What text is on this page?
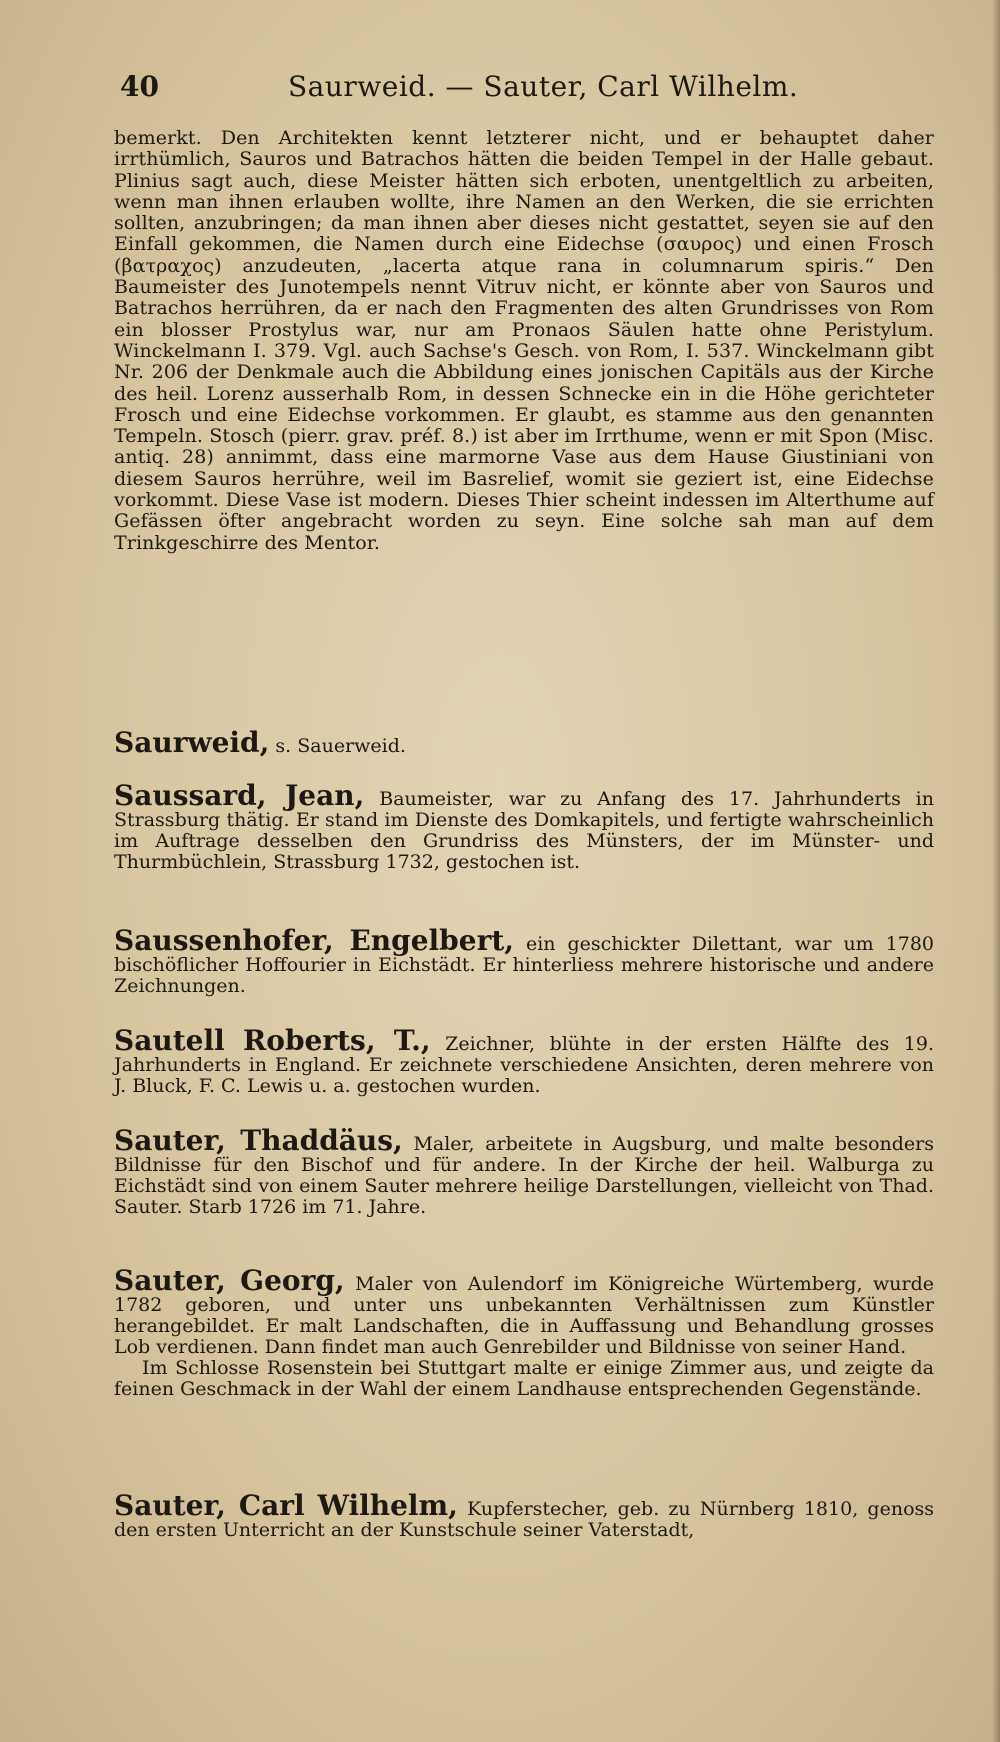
40	Saurweid. — Sauter, Carl Wilhelm.

bemerkt. Den Architekten kennt letzterer nicht, und er behauptet daher irrthümlich, Sauros und Batrachos hätten die beiden Tempel in der Halle gebaut. Plinius sagt auch, diese Meister hätten sich erboten, unentgeltlich zu arbeiten, wenn man ihnen erlauben wollte, ihre Namen an den Werken, die sie errichten sollten, anzubringen; da man ihnen aber dieses nicht gestattet, seyen sie auf den Einfall gekommen, die Namen durch eine Eidechse (σαυρος) und einen Frosch (βατραχος) anzudeuten, „lacerta atque rana in columnarum spiris.“ Den Baumeister des Junotempels nennt Vitruv nicht, er könnte aber von Sauros und Batrachos herrühren, da er nach den Fragmenten des alten Grundrisses von Rom ein blosser Prostylus war, nur am Pronaos Säulen hatte ohne Peristylum. Winckelmann I. 379. Vgl. auch Sachse's Gesch. von Rom, I. 537. Winckelmann gibt Nr. 206 der Denkmale auch die Abbildung eines jonischen Capitäls aus der Kirche des heil. Lorenz ausserhalb Rom, in dessen Schnecke ein in die Höhe gerichteter Frosch und eine Eidechse vorkommen. Er glaubt, es stamme aus den genannten Tempeln. Stosch (pierr. grav. préf. 8.) ist aber im Irrthume, wenn er mit Spon (Misc. antiq. 28) annimmt, dass eine marmorne Vase aus dem Hause Giustiniani von diesem Sauros herrühre, weil im Basrelief, womit sie geziert ist, eine Eidechse vorkommt. Diese Vase ist modern. Dieses Thier scheint indessen im Alterthume auf Gefässen öfter angebracht worden zu seyn. Eine solche sah man auf dem Trinkgeschirre des Mentor.

Saurweid, s. Sauerweid.

Saussard, Jean, Baumeister, war zu Anfang des 17. Jahrhunderts in Strassburg thätig. Er stand im Dienste des Domkapitels, und fertigte wahrscheinlich im Auftrage desselben den Grundriss des Münsters, der im Münster- und Thurmbüchlein, Strassburg 1732, gestochen ist.

Saussenhofer, Engelbert, ein geschickter Dilettant, war um 1780 bischöflicher Hoffourier in Eichstädt. Er hinterliess mehrere historische und andere Zeichnungen.

Sautell Roberts, T., Zeichner, blühte in der ersten Hälfte des 19. Jahrhunderts in England. Er zeichnete verschiedene Ansichten, deren mehrere von J. Bluck, F. C. Lewis u. a. gestochen wurden.

Sauter, Thaddäus, Maler, arbeitete in Augsburg, und malte besonders Bildnisse für den Bischof und für andere. In der Kirche der heil. Walburga zu Eichstädt sind von einem Sauter mehrere heilige Darstellungen, vielleicht von Thad. Sauter. Starb 1726 im 71. Jahre.

Sauter, Georg, Maler von Aulendorf im Königreiche Würtemberg, wurde 1782 geboren, und unter uns unbekannten Verhältnissen zum Künstler herangebildet. Er malt Landschaften, die in Auffassung und Behandlung grosses Lob verdienen. Dann findet man auch Genrebilder und Bildnisse von seiner Hand.

Im Schlosse Rosenstein bei Stuttgart malte er einige Zimmer aus, und zeigte da feinen Geschmack in der Wahl der einem Landhause entsprechenden Gegenstände.

Sauter, Carl Wilhelm, Kupferstecher, geb. zu Nürnberg 1810, genoss den ersten Unterricht an der Kunstschule seiner Vaterstadt,
